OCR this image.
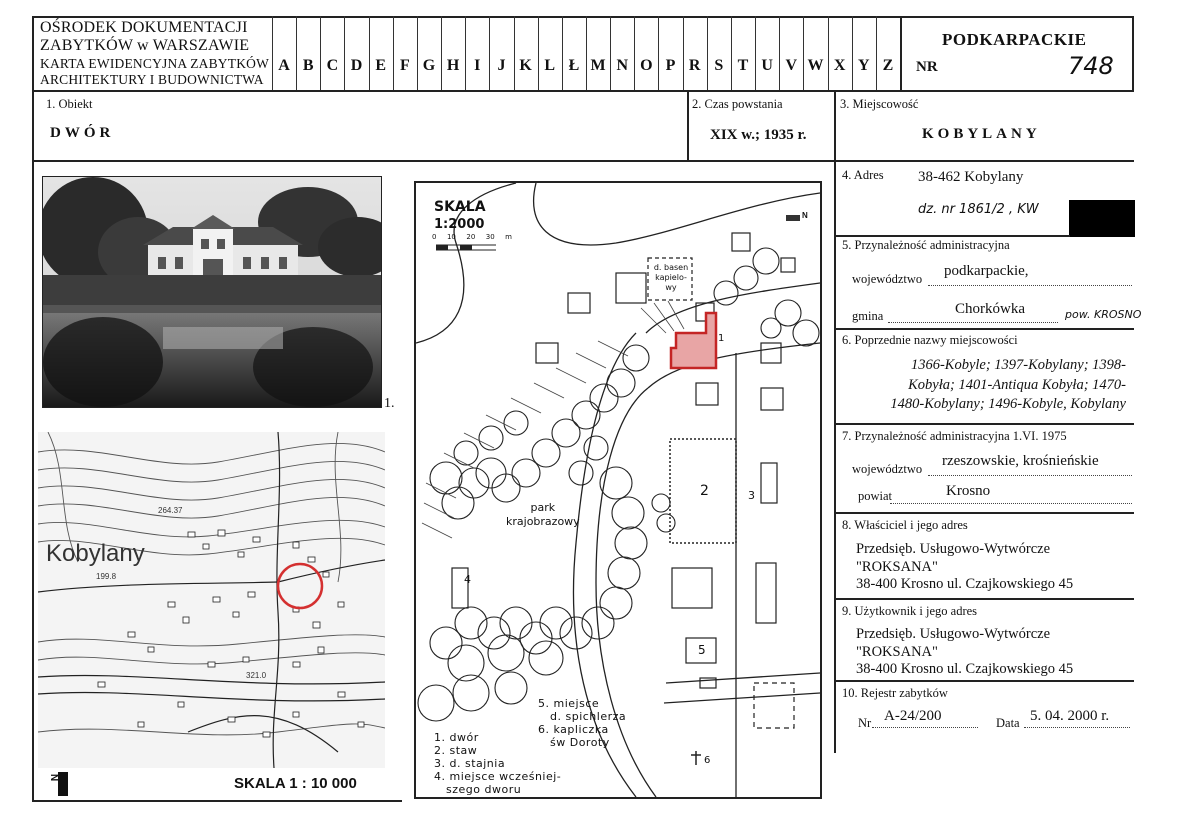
OŚRODEK DOKUMENTACJI
ZABYTKÓW w WARSZAWIE
KARTA EWIDENCYJNA ZABYTKÓW
ARCHITEKTURY I BUDOWNICTWA
A B C D E F G H I	J K L Ł M N O P R S T U V W X Y Z
PODKARPACKIE
NR	748
1. Obiekt
DWÓR
2. Czas powstania
XIX w.; 1935 r.
3. Miejscowość
KOBYLANY
4. Adres 38-462 Kobylany
dz. nr 1861/2 , KW
5. Przynależność administracyjna
województwo podkarpackie,
gmina	Chorkówka	pow. KROSNO
6. Poprzednie nazwy miejscowości
1366-Kobyle; 1397-Kobylany; 1398-
Kobyła; 1401-Antiqua Kobyła; 1470-
1480-Kobylany; 1496-Kobyle, Kobylany
7. Przynależność administracyjna 1.VI. 1975
województwo rzeszowskie, krośnieńskie
powiat	Krosno
8. Właściciel i jego adres
Przedsięb. Usługowo-Wytwórcze
"ROKSANA"
38-400 Krosno ul. Czajkowskiego 45
9. Użytkownik i jego adres
Przedsięb. Usługowo-Wytwórcze
"ROKSANA"
38-400 Krosno ul. Czajkowskiego 45
10. Rejestr zabytków
Nr A-24/200	Data 5. 04. 2000 r.
1.
Kobylany
264.37
199.8
321.0
N	SKALA 1 : 10 000
SKALA
1:2000
0 10 20 30 m
N
d. basen
kapielo-
wy
park
krajobrazowy
1
2	3
4
5
6
5. miejsce
d. spichlerza
6. kapliczka
św Doroty
1. dwór
2. staw
3. d. stajnia
4. miejsce wcześniej-
szego dworu
